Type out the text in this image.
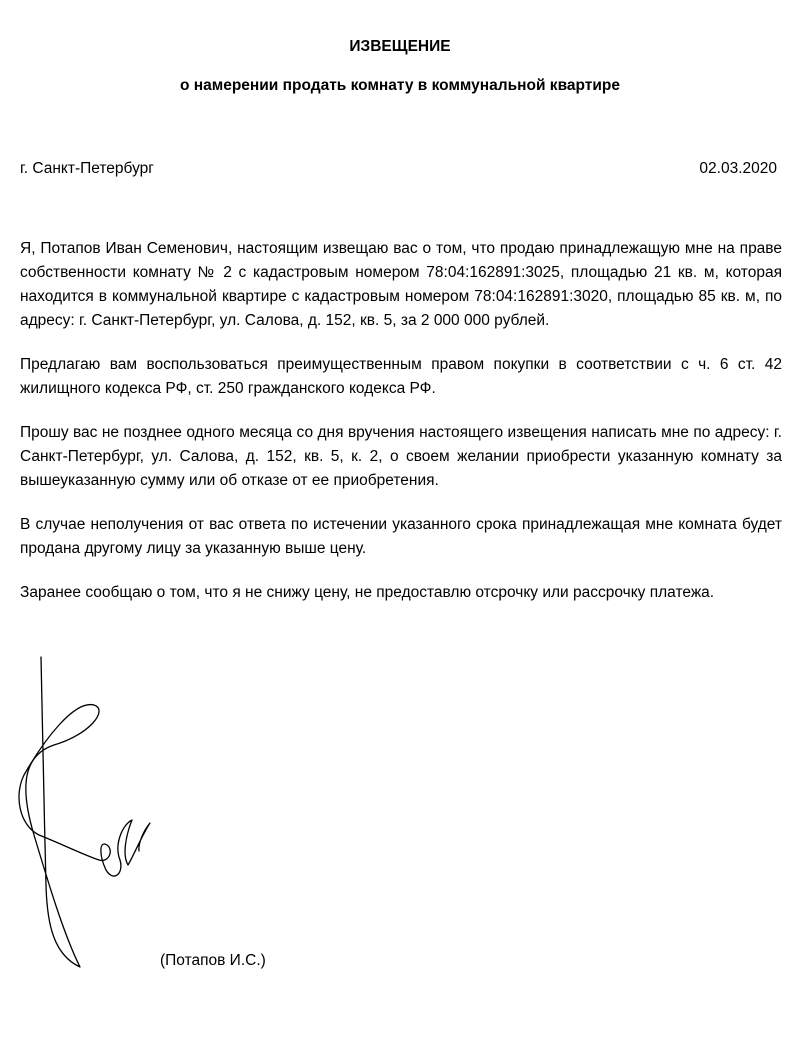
ИЗВЕЩЕНИЕ
о намерении продать комнату в коммунальной квартире
г. Санкт-Петербург	02.03.2020

Я, Потапов Иван Семенович, настоящим извещаю вас о том, что продаю принадлежащую мне на праве собственности комнату № 2 с кадастровым номером 78:04:162891:3025, площадью 21 кв. м, которая находится в коммунальной квартире с кадастровым номером 78:04:162891:3020, площадью 85 кв. м, по адресу: г. Санкт-Петербург, ул. Салова, д. 152, кв. 5, за 2 000 000 рублей.

Предлагаю вам воспользоваться преимущественным правом покупки в соответствии с ч. 6 ст. 42 жилищного кодекса РФ, ст. 250 гражданского кодекса РФ.

Прошу вас не позднее одного месяца со дня вручения настоящего извещения написать мне по адресу: г. Санкт-Петербург, ул. Салова, д. 152, кв. 5, к. 2, о своем желании приобрести указанную комнату за вышеуказанную сумму или об отказе от ее приобретения.

В случае неполучения от вас ответа по истечении указанного срока принадлежащая мне комната будет продана другому лицу за указанную выше цену.

Заранее сообщаю о том, что я не снижу цену, не предоставлю отсрочку или рассрочку платежа.

(Потапов И.С.)
